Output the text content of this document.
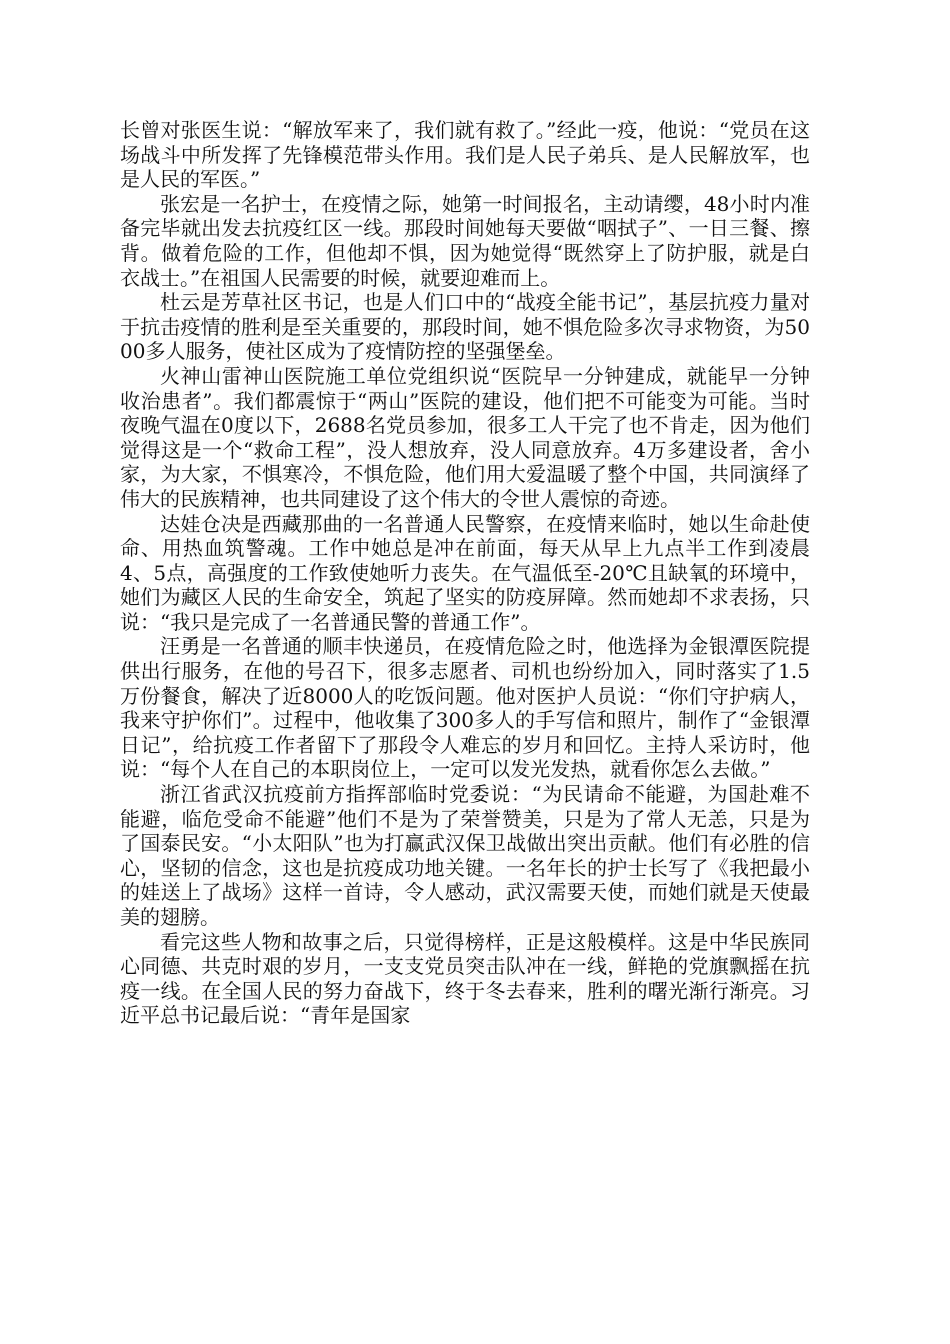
长曾对张医生说：“解放军来了，我们就有救了。”经此一疫，他说：“党员在这场战斗中所发挥了先锋模范带头作用。我们是人民子弟兵、是人民解放军，也是人民的军医。”

张宏是一名护士，在疫情之际，她第一时间报名，主动请缨，48小时内准备完毕就出发去抗疫红区一线。那段时间她每天要做“咽拭子”、一日三餐、擦背。做着危险的工作，但他却不惧，因为她觉得“既然穿上了防护服，就是白衣战士。”在祖国人民需要的时候，就要迎难而上。

杜云是芳草社区书记，也是人们口中的“战疫全能书记”，基层抗疫力量对于抗击疫情的胜利是至关重要的，那段时间，她不惧危险多次寻求物资，为5000多人服务，使社区成为了疫情防控的坚强堡垒。

火神山雷神山医院施工单位党组织说“医院早一分钟建成，就能早一分钟收治患者”。我们都震惊于“两山”医院的建设，他们把不可能变为可能。当时夜晚气温在0度以下，2688名党员参加，很多工人干完了也不肯走，因为他们觉得这是一个“救命工程”，没人想放弃，没人同意放弃。4万多建设者，舍小家，为大家，不惧寒冷，不惧危险，他们用大爱温暖了整个中国，共同演绎了伟大的民族精神，也共同建设了这个伟大的令世人震惊的奇迹。

达娃仓决是西藏那曲的一名普通人民警察，在疫情来临时，她以生命赴使命、用热血筑警魂。工作中她总是冲在前面，每天从早上九点半工作到凌晨4、5点，高强度的工作致使她听力丧失。在气温低至-20℃且缺氧的环境中，她们为藏区人民的生命安全，筑起了坚实的防疫屏障。然而她却不求表扬，只说：“我只是完成了一名普通民警的普通工作”。

汪勇是一名普通的顺丰快递员，在疫情危险之时，他选择为金银潭医院提供出行服务，在他的号召下，很多志愿者、司机也纷纷加入，同时落实了1.5万份餐食，解决了近8000人的吃饭问题。他对医护人员说：“你们守护病人，我来守护你们”。过程中，他收集了300多人的手写信和照片，制作了“金银潭日记”，给抗疫工作者留下了那段令人难忘的岁月和回忆。主持人采访时，他说：“每个人在自己的本职岗位上，一定可以发光发热，就看你怎么去做。”

浙江省武汉抗疫前方指挥部临时党委说：“为民请命不能避，为国赴难不能避，临危受命不能避”他们不是为了荣誉赞美，只是为了常人无恙，只是为了国泰民安。“小太阳队”也为打赢武汉保卫战做出突出贡献。他们有必胜的信心，坚韧的信念，这也是抗疫成功地关键。一名年长的护士长写了《我把最小的娃送上了战场》这样一首诗，令人感动，武汉需要天使，而她们就是天使最美的翅膀。

看完这些人物和故事之后，只觉得榜样，正是这般模样。这是中华民族同心同德、共克时艰的岁月，一支支党员突击队冲在一线，鲜艳的党旗飘摇在抗疫一线。在全国人民的努力奋战下，终于冬去春来，胜利的曙光渐行渐亮。习近平总书记最后说：“青年是国家
